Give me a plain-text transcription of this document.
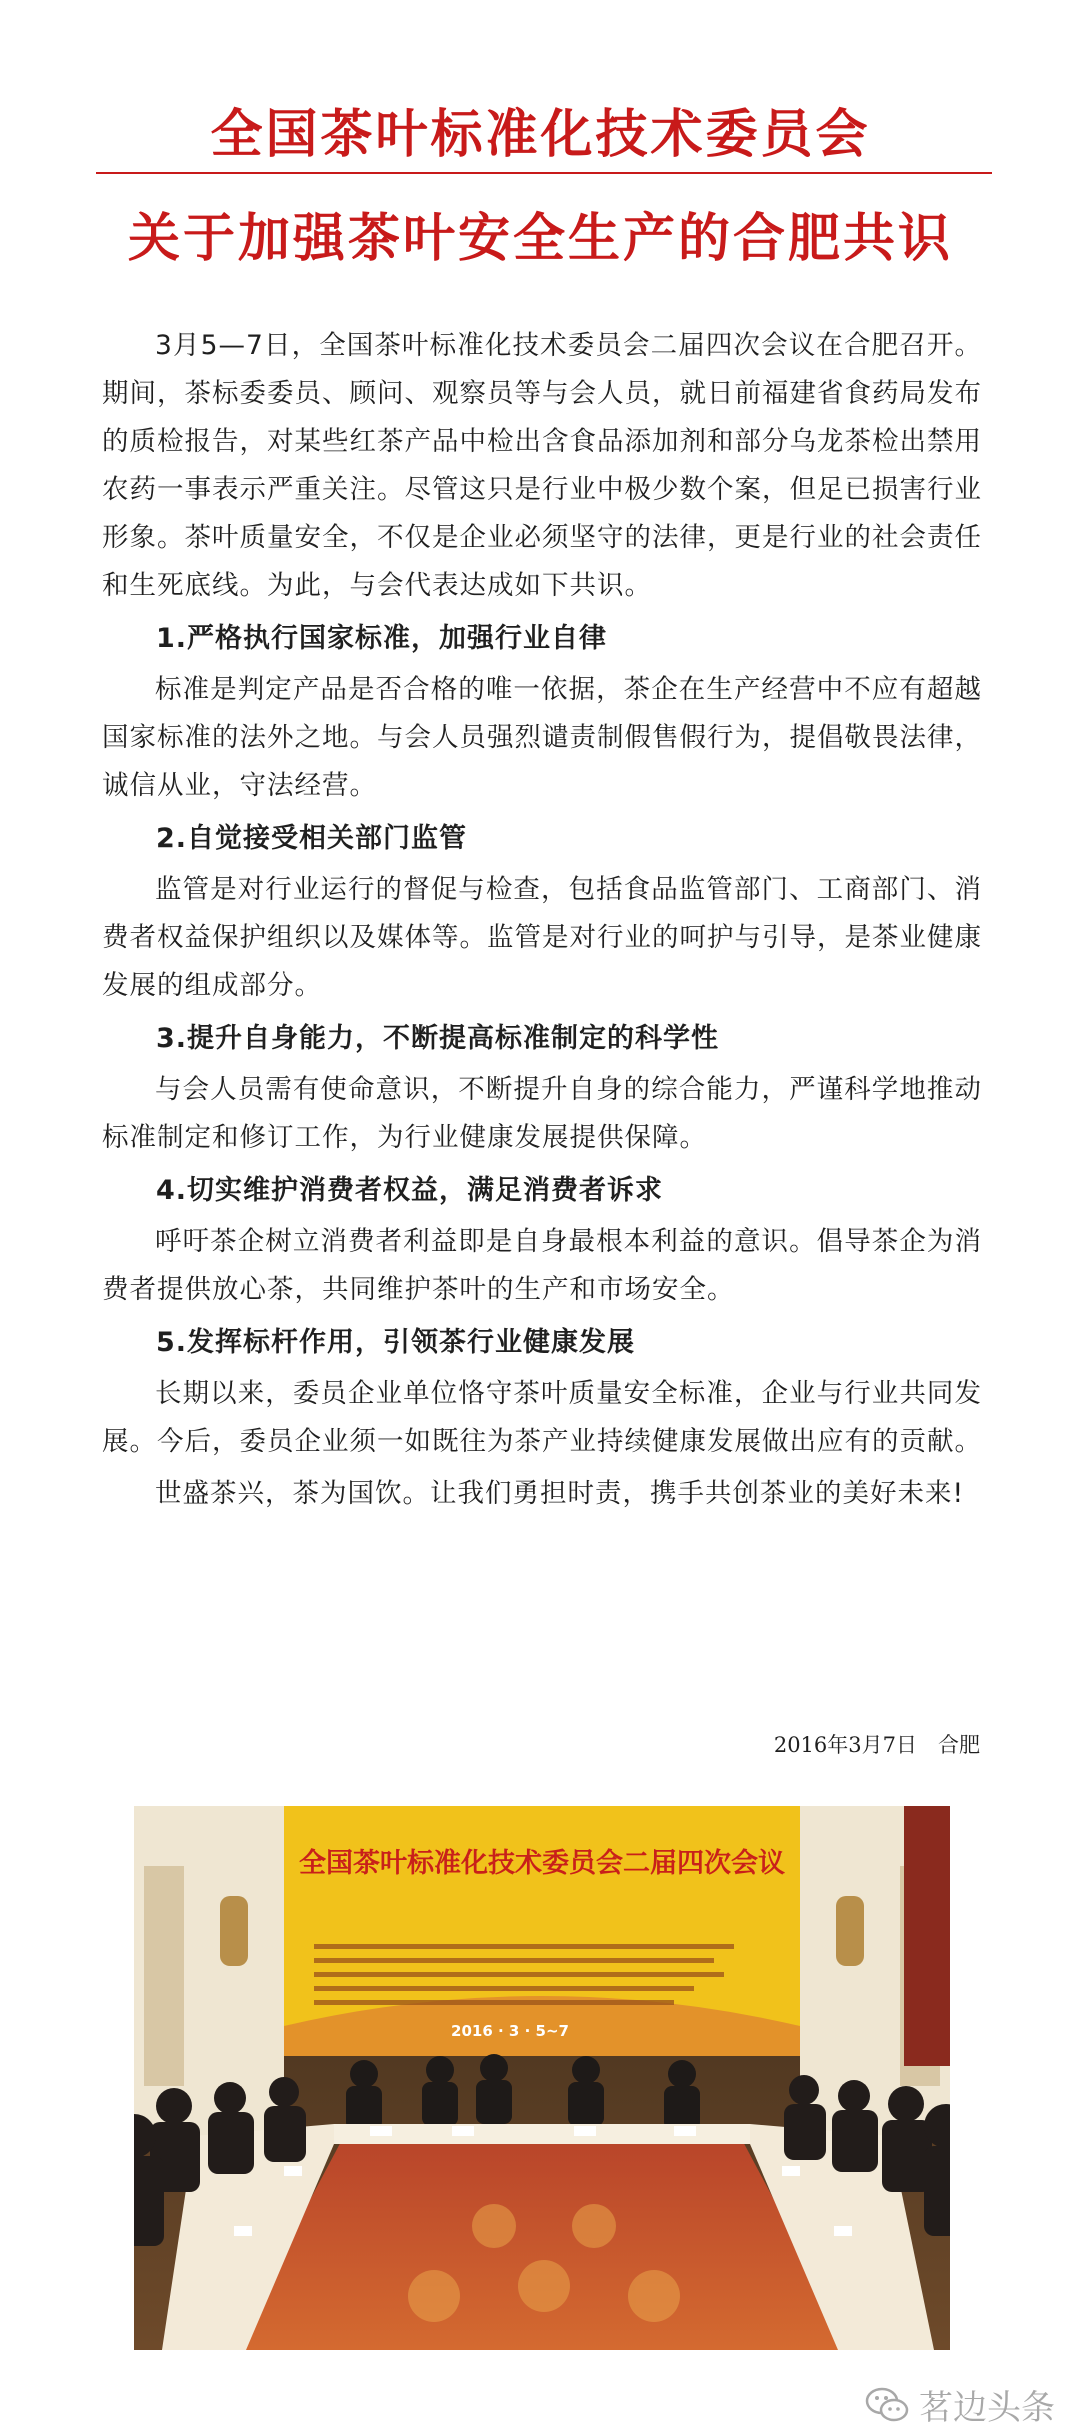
全国茶叶标准化技术委员会
关于加强茶叶安全生产的合肥共识

3月5—7日，全国茶叶标准化技术委员会二届四次会议在合肥召开。期间，茶标委委员、顾问、观察员等与会人员，就日前福建省食药局发布的质检报告，对某些红茶产品中检出含食品添加剂和部分乌龙茶检出禁用农药一事表示严重关注。尽管这只是行业中极少数个案，但足已损害行业形象。茶叶质量安全，不仅是企业必须坚守的法律，更是行业的社会责任和生死底线。为此，与会代表达成如下共识。

1.严格执行国家标准，加强行业自律

标准是判定产品是否合格的唯一依据，茶企在生产经营中不应有超越国家标准的法外之地。与会人员强烈谴责制假售假行为，提倡敬畏法律，诚信从业，守法经营。

2.自觉接受相关部门监管

监管是对行业运行的督促与检查，包括食品监管部门、工商部门、消费者权益保护组织以及媒体等。监管是对行业的呵护与引导，是茶业健康发展的组成部分。

3.提升自身能力，不断提高标准制定的科学性

与会人员需有使命意识，不断提升自身的综合能力，严谨科学地推动标准制定和修订工作，为行业健康发展提供保障。

4.切实维护消费者权益，满足消费者诉求

呼吁茶企树立消费者利益即是自身最根本利益的意识。倡导茶企为消费者提供放心茶，共同维护茶叶的生产和市场安全。

5.发挥标杆作用，引领茶行业健康发展

长期以来，委员企业单位恪守茶叶质量安全标准，企业与行业共同发展。今后，委员企业须一如既往为茶产业持续健康发展做出应有的贡献。

世盛茶兴，茶为国饮。让我们勇担时责，携手共创茶业的美好未来!

2016年3月7日　合肥
全国茶叶标准化技术委员会二届四次会议
2016 · 3 · 5~7
茗边头条
